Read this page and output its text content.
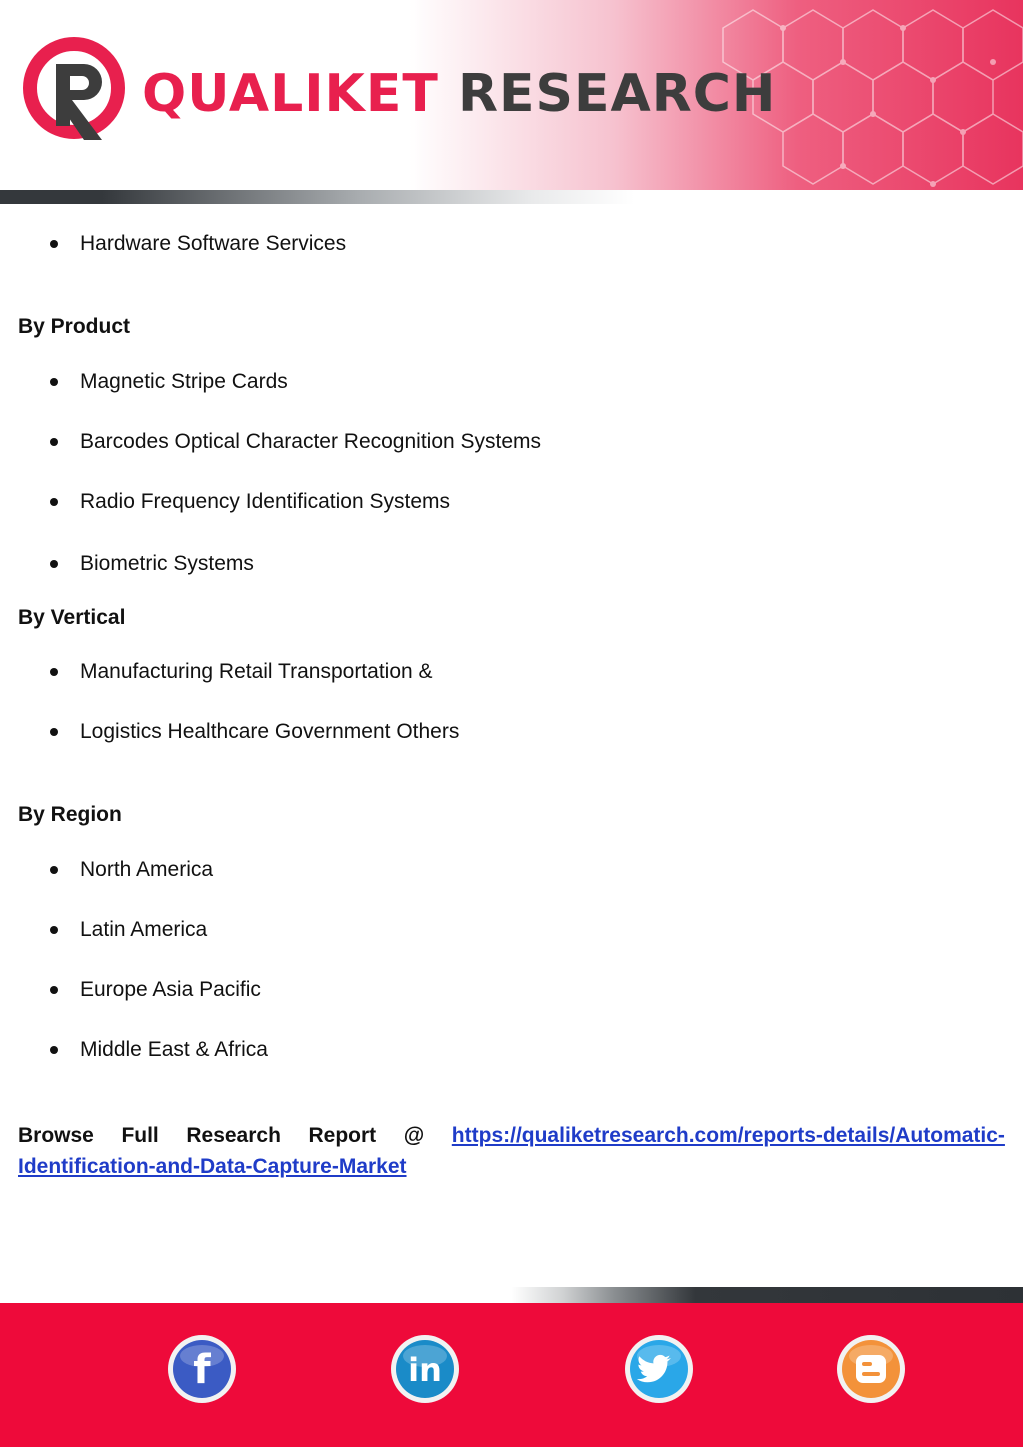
QUALIKET RESEARCH
Hardware Software Services
By Product
Magnetic Stripe Cards
Barcodes Optical Character Recognition Systems
Radio Frequency Identification Systems
Biometric Systems
By Vertical
Manufacturing Retail Transportation &
Logistics Healthcare Government Others
By Region
North America
Latin America
Europe Asia Pacific
Middle East & Africa
Browse Full Research Report @ https://qualiketresearch.com/reports-details/Automatic-
Identification-and-Data-Capture-Market
f	in
